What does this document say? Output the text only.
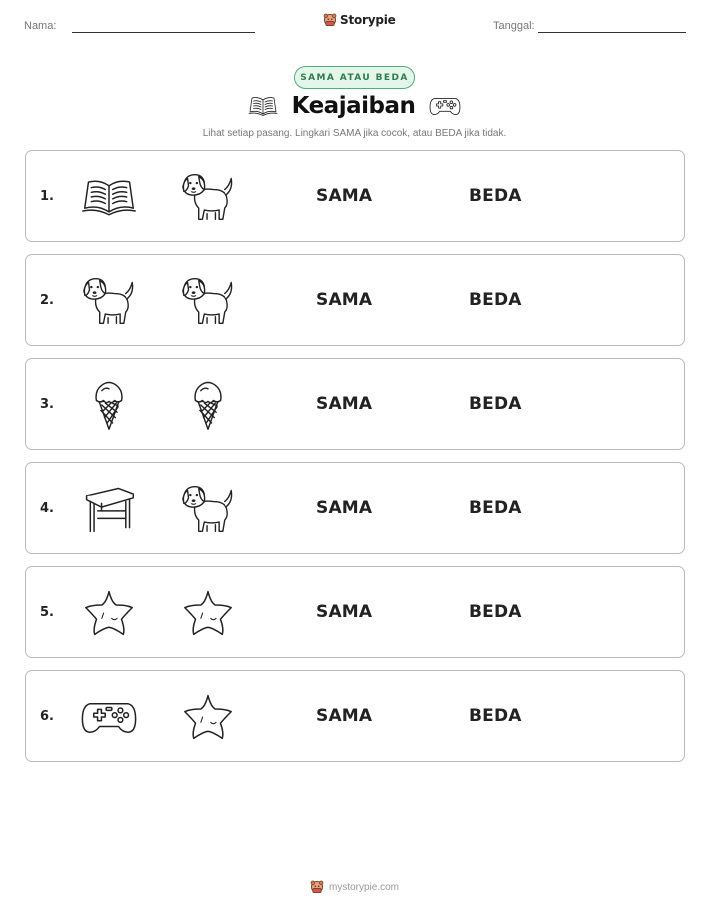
Nama:	Storypie	Tanggal:
SAMA ATAU BEDA
Keajaiban
Lihat setiap pasang. Lingkari SAMA jika cocok, atau BEDA jika tidak.
1.	SAMA	BEDA
2.	SAMA	BEDA
3.	SAMA	BEDA
4.	SAMA	BEDA
5.	SAMA	BEDA
6.	SAMA	BEDA
mystorypie.com
